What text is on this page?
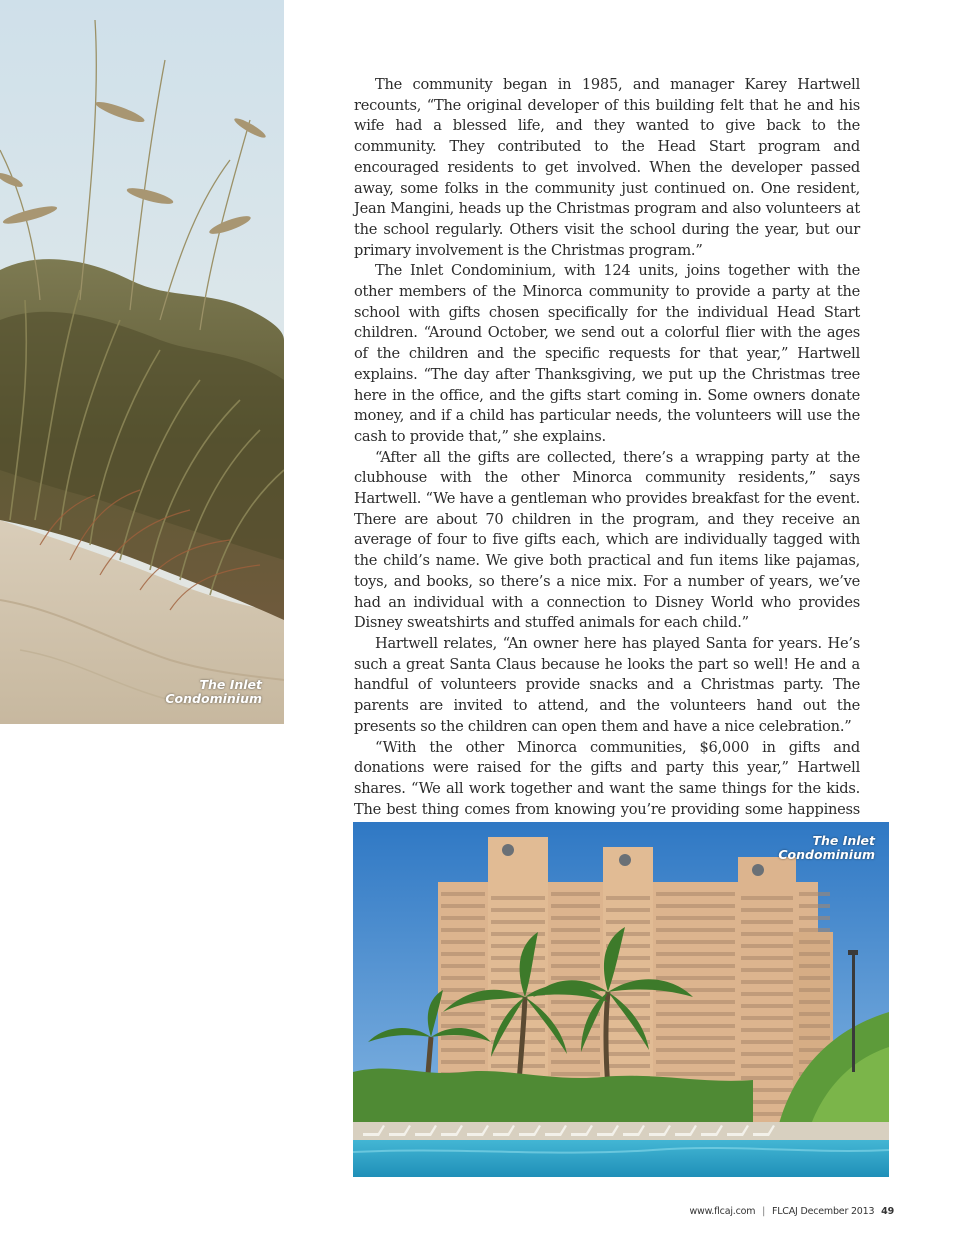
The Inlet
Condominium

The community began in 1985, and manager Karey Hartwell recounts, “The original developer of this building felt that he and his wife had a blessed life, and they wanted to give back to the community. They contributed to the Head Start program and encouraged residents to get involved. When the developer passed away, some folks in the community just continued on. One resident, Jean Mangini, heads up the Christmas program and also volunteers at the school regularly. Others visit the school during the year, but our primary involvement is the Christmas program.”

The Inlet Condominium, with 124 units, joins together with the other members of the Minorca community to provide a party at the school with gifts chosen specifically for the individual Head Start children. “Around October, we send out a colorful flier with the ages of the children and the specific requests for that year,” Hartwell explains. “The day after Thanksgiving, we put up the Christmas tree here in the office, and the gifts start coming in. Some owners donate money, and if a child has particular needs, the volunteers will use the cash to provide that,” she explains.

“After all the gifts are collected, there’s a wrapping party at the clubhouse with the other Minorca community residents,” says Hartwell. “We have a gentleman who provides breakfast for the event. There are about 70 children in the program, and they receive an average of four to five gifts each, which are individually tagged with the child’s name. We give both practical and fun items like pajamas, toys, and books, so there’s a nice mix. For a number of years, we’ve had an individual with a connection to Disney World who provides Disney sweatshirts and stuffed animals for each child.”

Hartwell relates, “An owner here has played Santa for years. He’s such a great Santa Claus because he looks the part so well! He and a handful of volunteers provide snacks and a Christmas party. The parents are invited to attend, and the volunteers hand out the presents so the children can open them and have a nice celebration.”

“With the other Minorca communities, $6,000 in gifts and donations were raised for the gifts and party this year,” Hartwell shares. “We all work together and want the same things for the kids. The best thing comes from knowing you’re providing some happiness

The Inlet
Condominium
www.flcaj.com | FLCAJ December 2013 49
